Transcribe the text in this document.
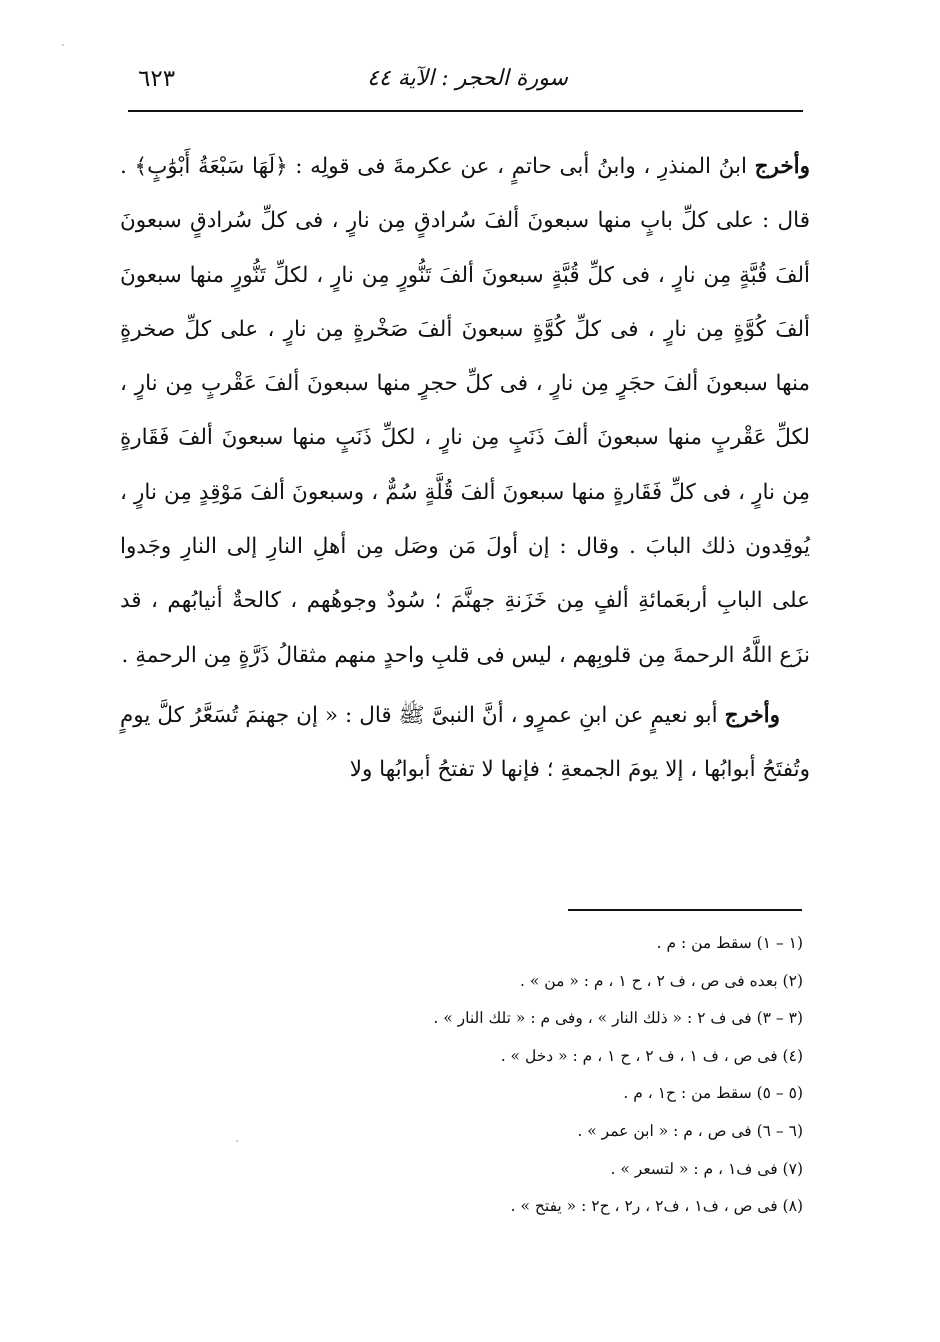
سورة الحجر : الآية ٤٤
٦٢٣

وأخرج ابنُ المنذرِ ، وابنُ أبى حاتمٍ ، عن عكرمةَ فى قولِه : ﴿لَهَا سَبْعَةُ أَبْوَٰبٍ﴾ . قال : على كلِّ بابٍ منها سبعونَ ألفَ سُرادقٍ مِن نارٍ ، فى كلِّ سُرادقٍ سبعونَ ألفَ قُبَّةٍ مِن نارٍ ، فى كلِّ قُبَّةٍ سبعونَ ألفَ تَنُّورٍ مِن نارٍ ، لكلِّ تَنُّورٍ منها سبعونَ ألفَ كُوَّةٍ مِن نارٍ ، فى كلِّ كُوَّةٍ سبعونَ ألفَ صَخْرةٍ مِن نارٍ ، على كلِّ صخرةٍ منها سبعونَ ألفَ حجَرٍ مِن نارٍ ، فى كلِّ حجرٍ منها سبعونَ ألفَ عَقْربٍ مِن نارٍ ، لكلِّ عَقْربٍ منها سبعونَ ألفَ ذَنَبٍ مِن نارٍ ، لكلِّ ذَنَبٍ منها سبعونَ ألفَ فَقَارةٍ مِن نارٍ ، فى كلِّ فَقَارةٍ منها سبعونَ ألفَ قُلَّةٍ سُمٌّ ، وسبعونَ ألفَ مَوْقِدٍ مِن نارٍ ، يُوقِدون ذلك البابَ . وقال : إن أولَ مَن وصَل مِن أهلِ النارِ إلى النارِ وجَدوا على البابِ أربعَمائةِ ألفٍ مِن خَزَنةِ جهنَّمَ ؛ سُودٌ وجوهُهم ، كالحةٌ أنيابُهم ، قد نزَع اللَّهُ الرحمةَ مِن قلوبِهم ، ليس فى قلبِ واحدٍ منهم مثقالُ ذَرَّةٍ مِن الرحمةِ .

وأخرج أبو نعيمٍ عن ابنِ عمرٍو ، أنَّ النبىَّ ﷺ قال : « إن جهنمَ تُسَعَّرُ كلَّ يومٍ وتُفتَحُ أبوابُها ، إلا يومَ الجمعةِ ؛ فإنها لا تفتحُ أبوابُها ولا

(١ – ١) سقط من : م .
(٢) بعده فى ص ، ف ٢ ، ح ١ ، م : « من » .
(٣ – ٣) فى ف ٢ : « ذلك النار » ، وفى م : « تلك النار » .
(٤) فى ص ، ف ١ ، ف ٢ ، ح ١ ، م : « دخل » .
(٥ – ٥) سقط من : ح١ ، م .
(٦ – ٦) فى ص ، م : « ابن عمر » .
(٧) فى ف١ ، م : « لتسعر » .
(٨) فى ص ، ف١ ، ف٢ ، ر٢ ، ح٢ : « يفتح » .
